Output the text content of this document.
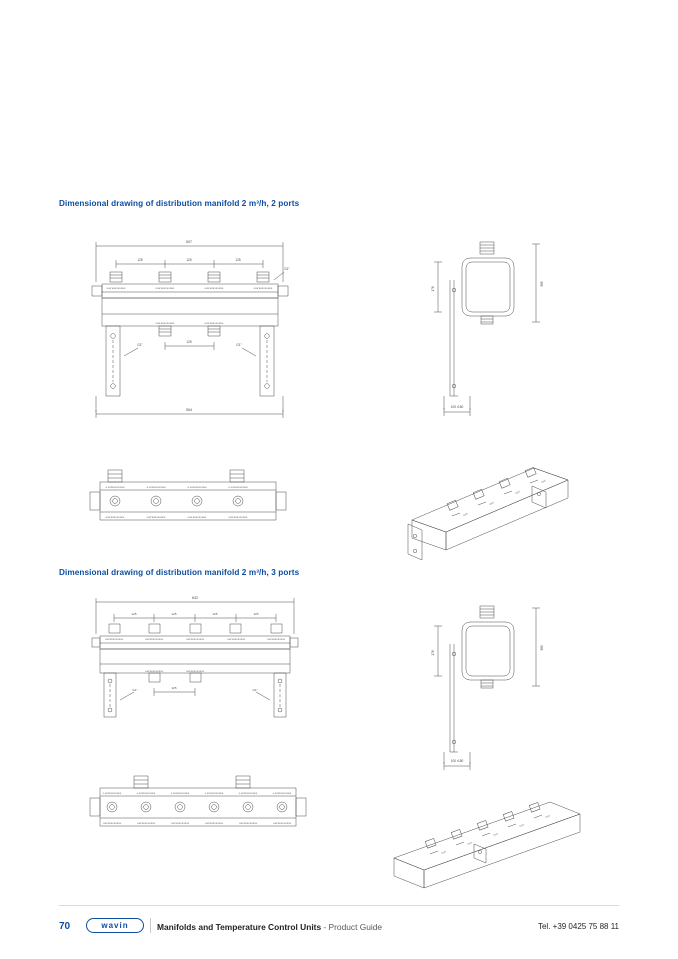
Dimensional drawing of distribution manifold 2 m³/h, 2 ports
507
125	125	125
125
554
G1"
G1"	G1"
G3/4"EUROKONUS	G3/4"EUROKONUS	G3/4"EUROKONUS	G3/4"EUROKONUS
G3/4"EUROKONUS	G3/4"EUROKONUS
176
385
100 r150
G 3/4"EUROKONUS	G 3/4"EUROKONUS	G 3/4"EUROKONUS	G 3/4"EUROKONUS
G3/4"EUROKONUS	G3/4"EUROKONUS	G3/4"EUROKONUS	G3/4"EUROKONUS
G3/4"
G3/4"
G3/4"
G3/4"
Dimensional drawing of distribution manifold 2 m³/h, 3 ports
632
125	125	125	125
125
G1"	G1"
G3/4"EUROKONUS	G3/4"EUROKONUS	G3/4"EUROKONUS	G3/4"EUROKONUS	G3/4"EUROKONUS
G3/4"EUROKONUS	G3/4"EUROKONUS
176
385
100 r150
G 3/4"EUROKONUS	G 3/4"EUROKONUS	G 3/4"EUROKONUS	G 3/4"EUROKONUS	G 3/4"EUROKONUS	G 3/4"EUROKONUS
G3/4"EUROKONUS	G3/4"EUROKONUS	G3/4"EUROKONUS	G3/4"EUROKONUS	G3/4"EUROKONUS	G3/4"EUROKONUS
G3/4"
G3/4"
G3/4"
G3/4"
G3/4"
70	wavin	Manifolds and Temperature Control Units - Product Guide	Tel. +39 0425 75 88 11
